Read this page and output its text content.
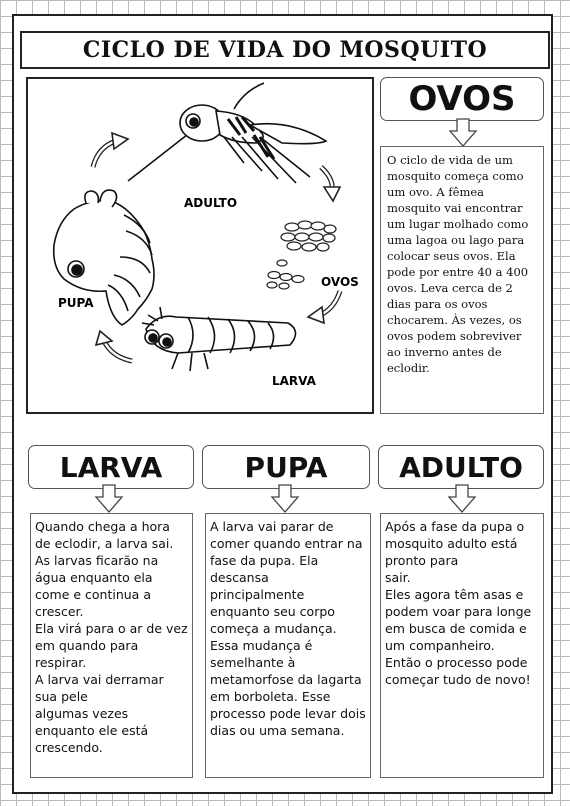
CICLO DE VIDA DO MOSQUITO
ADULTO
OVOS
PUPA
LARVA
OVOS
O ciclo de vida de um mosquito começa como um ovo. A fêmea mosquito vai encontrar um lugar molhado como uma lagoa ou lago para colocar seus ovos. Ela pode por entre 40 a 400 ovos. Leva cerca de 2 dias para os ovos chocarem. Às vezes, os ovos podem sobreviver ao inverno antes de eclodir.
LARVA
Quando chega a hora de eclodir, a larva sai.
As larvas ficarão na água enquanto ela come e continua a crescer.
Ela virá para o ar de vez em quando para respirar.
A larva vai derramar sua pele
algumas vezes enquanto ele está crescendo.
PUPA
A larva vai parar de comer quando entrar na fase da pupa. Ela descansa principalmente enquanto seu corpo começa a mudança. Essa mudança é semelhante à metamorfose da lagarta em borboleta. Esse processo pode levar dois dias ou uma semana.
ADULTO
Após a fase da pupa o mosquito adulto está pronto para
sair.
Eles agora têm asas e podem voar para longe em busca de comida e um companheiro.
Então o processo pode começar tudo de novo!
